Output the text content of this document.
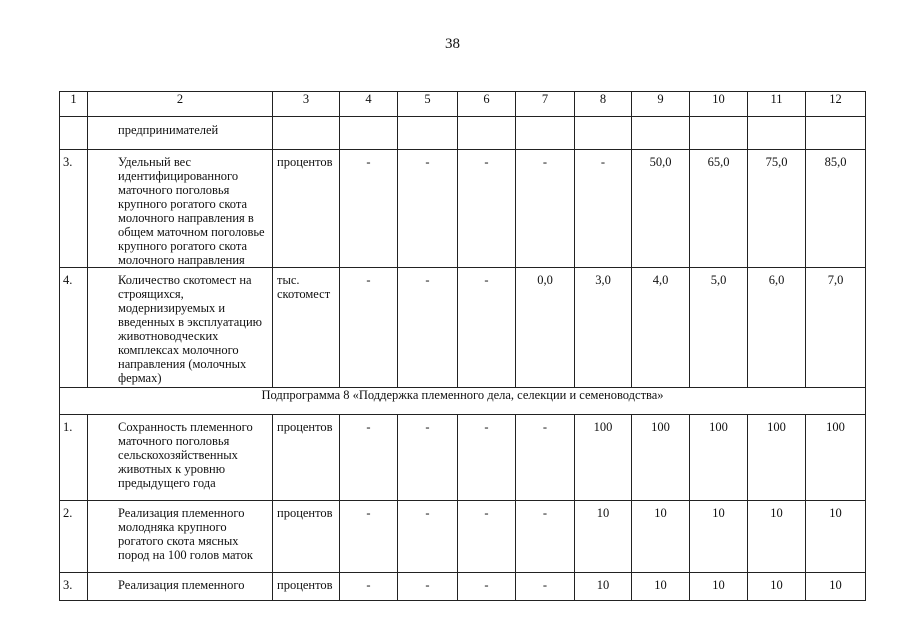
38
1	2	3	4	5	6	7	8	9	10	11	12
	предпринимателей										
3.	Удельный вес идентифицированного маточного поголовья крупного рогатого скота молочного направления в общем маточном поголовье крупного рогатого скота молочного направления	процентов	-	-	-	-	-	50,0	65,0	75,0	85,0
4.	Количество скотомест на строящихся, модернизируемых и введенных в эксплуатацию животноводческих комплексах молочного направления (молочных фермах)	тыс. скотомест	-	-	-	0,0	3,0	4,0	5,0	6,0	7,0
Подпрограмма 8 «Поддержка племенного дела, селекции и семеноводства»											
1.	Сохранность племенного маточного поголовья сельскохозяйственных животных к уровню предыдущего года	процентов	-	-	-	-	100	100	100	100	100
2.	Реализация племенного молодняка крупного рогатого скота мясных пород на 100 голов маток	процентов	-	-	-	-	10	10	10	10	10
3.	Реализация племенного	процентов	-	-	-	-	10	10	10	10	10
